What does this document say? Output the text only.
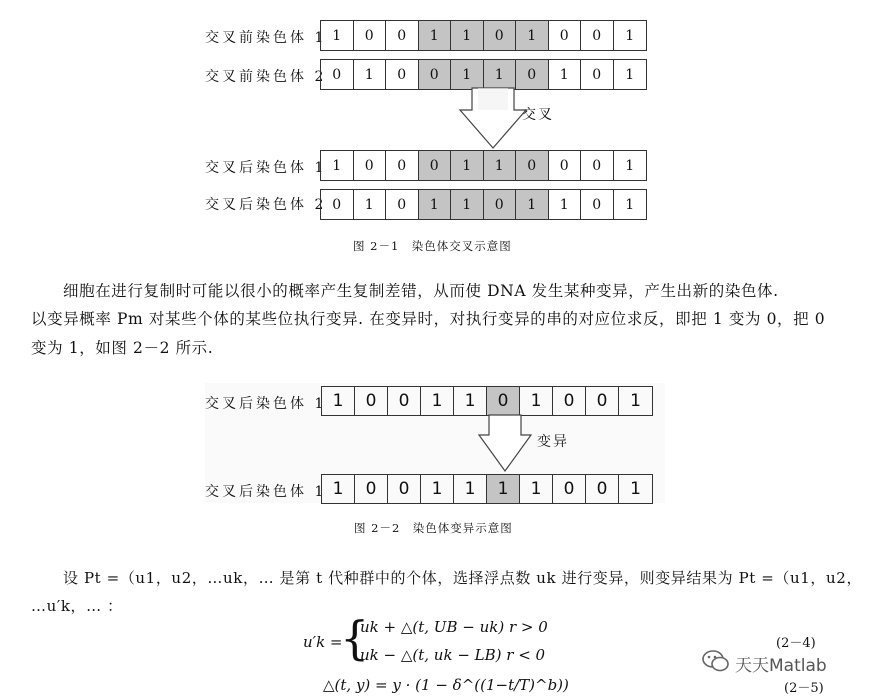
交叉前染色体 1 1	0	0	1	1	0	1	0	0	1
交叉前染色体 2 0	1	0	0	1	1	0	1	0	1
交叉
交叉后染色体 1 1	0	0	0	1	1	0	0	0	1
交叉后染色体 2 0	1	0	1	1	0	1	1	0	1
图 2－1　染色体交叉示意图
细胞在进行复制时可能以很小的概率产生复制差错，从而使 DNA 发生某种变异，产生出新的染色体.
以变异概率 Pm 对某些个体的某些位执行变异. 在变异时，对执行变异的串的对应位求反，即把 1 变为 0，把 0
变为 1，如图 2－2 所示.
交叉后染色体 1 1	0	0	1	1	0	1	0	0	1
变异
交叉后染色体 1 1	0	0	1	1	1	1	0	0	1
图 2－2　染色体变异示意图
设 Pt =（u1，u2，…uk，… 是第 t 代种群中的个体，选择浮点数 uk 进行变异，则变异结果为 Pt =（u1，u2，
…u′k，… ：
u′k =
{
uk + △(t, UB − uk) r > 0
uk − △(t, uk − LB) r < 0
(2－4)
△(t, y) = y · (1 − δ^((1−t/T)^b))	(2－5)
天天Matlab
